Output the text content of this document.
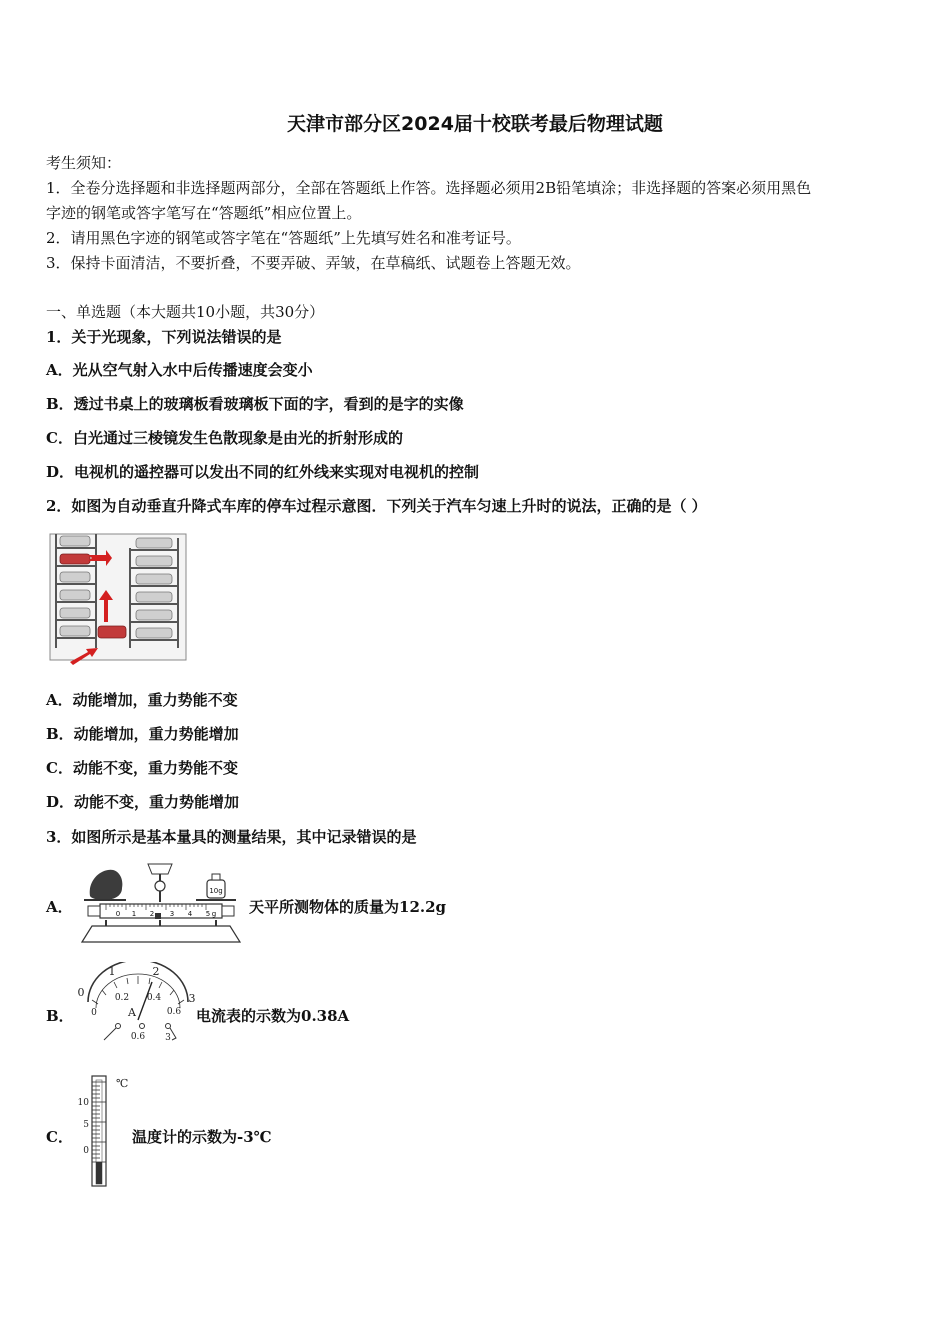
天津市部分区2024届十校联考最后物理试题
考生须知：
1．全卷分选择题和非选择题两部分，全部在答题纸上作答。选择题必须用2B铅笔填涂；非选择题的答案必须用黑色
字迹的钢笔或答字笔写在“答题纸”相应位置上。
2．请用黑色字迹的钢笔或答字笔在“答题纸”上先填写姓名和准考证号。
3．保持卡面清洁，不要折叠，不要弄破、弄皱，在草稿纸、试题卷上答题无效。
一、单选题（本大题共10小题，共30分）
1．关于光现象，下列说法错误的是
A．光从空气射入水中后传播速度会变小
B．透过书桌上的玻璃板看玻璃板下面的字，看到的是字的实像
C．白光通过三棱镜发生色散现象是由光的折射形成的
D．电视机的遥控器可以发出不同的红外线来实现对电视机的控制
2．如图为自动垂直升降式车库的停车过程示意图．下列关于汽车匀速上升时的说法，正确的是（ ）
A．动能增加，重力势能不变
B．动能增加，重力势能增加
C．动能不变，重力势能不变
D．动能不变，重力势能增加
3．如图所示是基本量具的测量结果，其中记录错误的是
A．
10g
0 1 2 3 4 5 g 天平所测物体的质量为12.2g
B．
0
1	2
3
0
0.2 0.4
0.6
A
0.6 3
电流表的示数为0.38A
C．
10
5
0
℃
温度计的示数为-3℃
